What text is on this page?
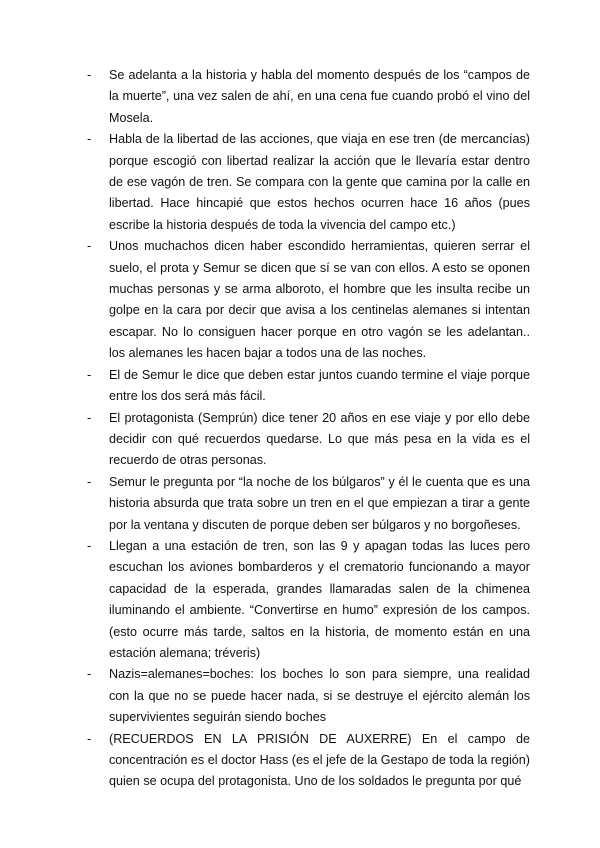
- Se adelanta a la historia y habla del momento después de los “campos de la muerte”, una vez salen de ahí, en una cena fue cuando probó el vino del Mosela.
- Habla de la libertad de las acciones, que viaja en ese tren (de mercancías) porque escogió con libertad realizar la acción que le llevaría estar dentro de ese vagón de tren. Se compara con la gente que camina por la calle en libertad. Hace hincapié que estos hechos ocurren hace 16 años (pues escribe la historia después de toda la vivencia del campo etc.)
- Unos muchachos dicen haber escondido herramientas, quieren serrar el suelo, el prota y Semur se dicen que sí se van con ellos. A esto se oponen muchas personas y se arma alboroto, el hombre que les insulta recibe un golpe en la cara por decir que avisa a los centinelas alemanes si intentan escapar. No lo consiguen hacer porque en otro vagón se les adelantan.. los alemanes les hacen bajar a todos una de las noches.
- El de Semur le dice que deben estar juntos cuando termine el viaje porque entre los dos será más fácil.
- El protagonista (Semprún) dice tener 20 años en ese viaje y por ello debe decidir con qué recuerdos quedarse. Lo que más pesa en la vida es el recuerdo de otras personas.
- Semur le pregunta por “la noche de los búlgaros” y él le cuenta que es una historia absurda que trata sobre un tren en el que empiezan a tirar a gente por la ventana y discuten de porque deben ser búlgaros y no borgoñeses.
- Llegan a una estación de tren, son las 9 y apagan todas las luces pero escuchan los aviones bombarderos y el crematorio funcionando a mayor capacidad de la esperada, grandes llamaradas salen de la chimenea iluminando el ambiente. “Convertirse en humo” expresión de los campos. (esto ocurre más tarde, saltos en la historia, de momento están en una estación alemana; tréveris)
- Nazis=alemanes=boches: los boches lo son para siempre, una realidad con la que no se puede hacer nada, si se destruye el ejército alemán los supervivientes seguirán siendo boches
- (RECUERDOS EN LA PRISIÓN DE AUXERRE) En el campo de concentración es el doctor Hass (es el jefe de la Gestapo de toda la región) quien se ocupa del protagonista. Uno de los soldados le pregunta por qué
